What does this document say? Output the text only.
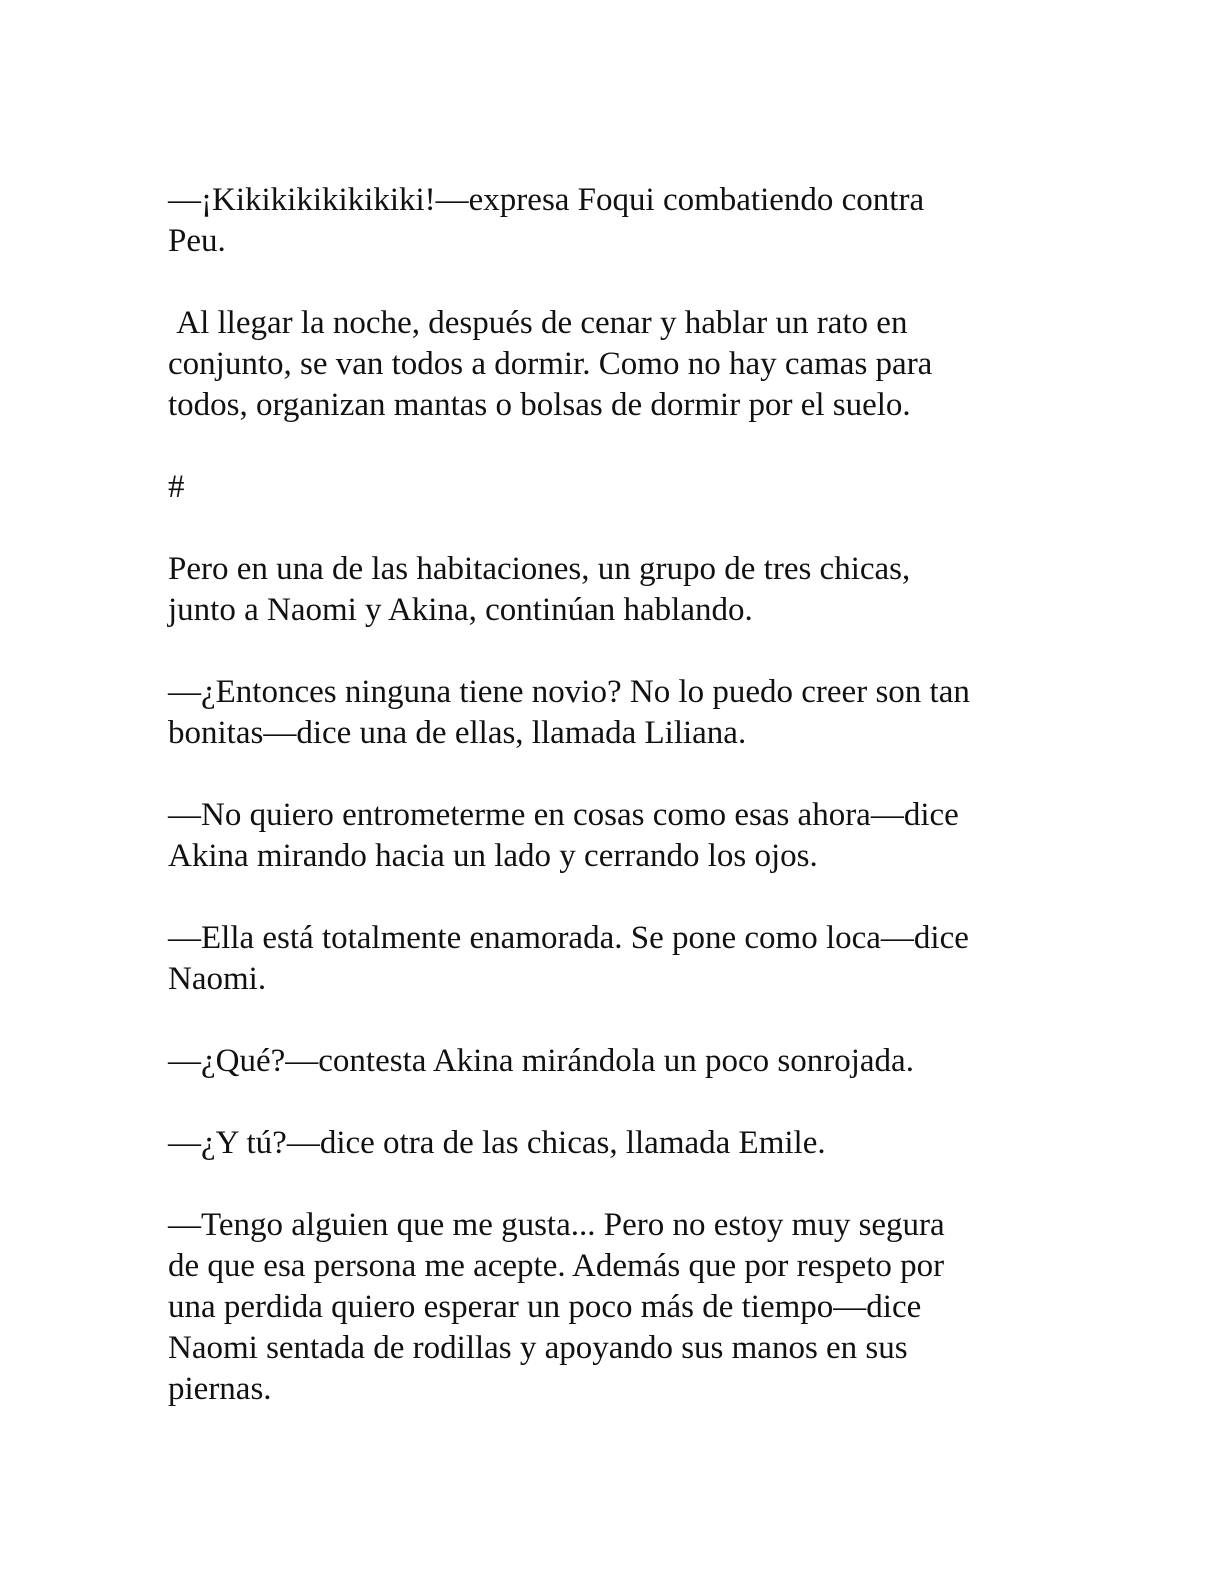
—¡Kikikikikikikiki!—expresa Foqui combatiendo contra
Peu.
Al llegar la noche, después de cenar y hablar un rato en
conjunto, se van todos a dormir. Como no hay camas para
todos, organizan mantas o bolsas de dormir por el suelo.
#
Pero en una de las habitaciones, un grupo de tres chicas,
junto a Naomi y Akina, continúan hablando.
—¿Entonces ninguna tiene novio? No lo puedo creer son tan
bonitas—dice una de ellas, llamada Liliana.
—No quiero entrometerme en cosas como esas ahora—dice
Akina mirando hacia un lado y cerrando los ojos.
—Ella está totalmente enamorada. Se pone como loca—dice
Naomi.
—¿Qué?—contesta Akina mirándola un poco sonrojada.
—¿Y tú?—dice otra de las chicas, llamada Emile.
—Tengo alguien que me gusta... Pero no estoy muy segura
de que esa persona me acepte. Además que por respeto por
una perdida quiero esperar un poco más de tiempo—dice
Naomi sentada de rodillas y apoyando sus manos en sus
piernas.
